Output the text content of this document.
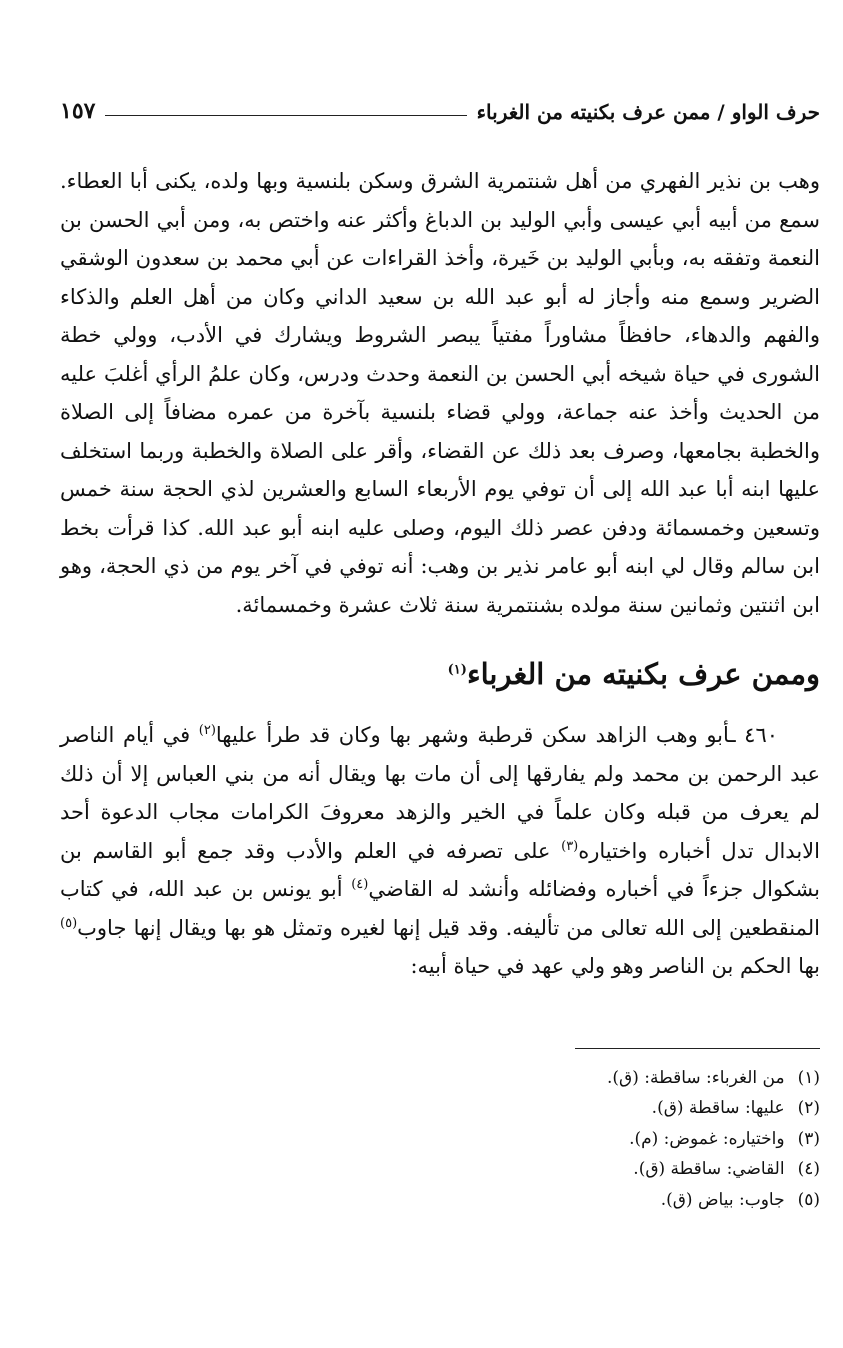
حرف الواو / ممن عرف بكنيته من الغرباء
١٥٧

وهب بن نذير الفهري من أهل شنتمرية الشرق وسكن بلنسية وبها ولده، يكنى أبا العطاء. سمع من أبيه أبي عيسى وأبي الوليد بن الدباغ وأكثر عنه واختص به، ومن أبي الحسن بن النعمة وتفقه به، وبأبي الوليد بن خَيرة، وأخذ القراءات عن أبي محمد بن سعدون الوشقي الضرير وسمع منه وأجاز له أبو عبد الله بن سعيد الداني وكان من أهل العلم والذكاء والفهم والدهاء، حافظاً مشاوراً مفتياً يبصر الشروط ويشارك في الأدب، وولي خطة الشورى في حياة شيخه أبي الحسن بن النعمة وحدث ودرس، وكان علمُ الرأي أغلبَ عليه من الحديث وأخذ عنه جماعة، وولي قضاء بلنسية بآخرة من عمره مضافاً إلى الصلاة والخطبة بجامعها، وصرف بعد ذلك عن القضاء، وأقر على الصلاة والخطبة وربما استخلف عليها ابنه أبا عبد الله إلى أن توفي يوم الأربعاء السابع والعشرين لذي الحجة سنة خمس وتسعين وخمسمائة ودفن عصر ذلك اليوم، وصلى عليه ابنه أبو عبد الله. كذا قرأت بخط ابن سالم وقال لي ابنه أبو عامر نذير بن وهب: أنه توفي في آخر يوم من ذي الحجة، وهو ابن اثنتين وثمانين سنة مولده بشنتمرية سنة ثلاث عشرة وخمسمائة.

وممن عرف بكنيته من الغرباء$^{(١)}$

  ٤٦٠ ـأبو وهب الزاهد سكن قرطبة وشهر بها وكان قد طرأ عليها$^{(٢)}$ في أيام الناصر عبد الرحمن بن محمد ولم يفارقها إلى أن مات بها ويقال أنه من بني العباس إلا أن ذلك لم يعرف من قبله وكان علماً في الخير والزهد معروفَ الكرامات مجاب الدعوة أحد الابدال تدل أخباره واختياره$^{(٣)}$ على تصرفه في العلم والأدب وقد جمع أبو القاسم بن بشكوال جزءاً في أخباره وفضائله وأنشد له القاضي$^{(٤)}$ أبو يونس بن عبد الله، في كتاب المنقطعين إلى الله تعالى من تأليفه. وقد قيل إنها لغيره وتمثل هو بها ويقال إنها جاوب$^{(٥)}$ بها الحكم بن الناصر وهو ولي عهد في حياة أبيه:

(١) من الغرباء: ساقطة: (ق).
(٢) عليها: ساقطة (ق).
(٣) واختياره: غموض: (م).
(٤) القاضي: ساقطة (ق).
(٥) جاوب: بياض (ق).
